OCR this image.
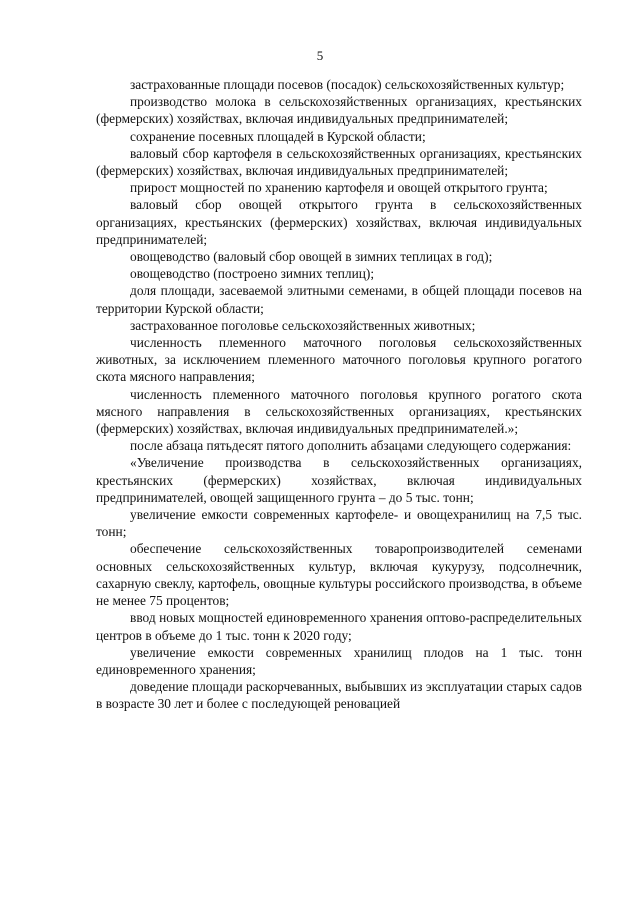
5

застрахованные площади посевов (посадок) сельскохозяйственных культур;

производство молока в сельскохозяйственных организациях, крестьянских (фермерских) хозяйствах, включая индивидуальных предпринимателей;

сохранение посевных площадей в Курской области;

валовый сбор картофеля в сельскохозяйственных организациях, крестьянских (фермерских) хозяйствах, включая индивидуальных предпринимателей;

прирост мощностей по хранению картофеля и овощей открытого грунта;

валовый сбор овощей открытого грунта в сельскохозяйственных организациях, крестьянских (фермерских) хозяйствах, включая индивидуальных предпринимателей;

овощеводство (валовый сбор овощей в зимних теплицах в год);

овощеводство (построено зимних теплиц);

доля площади, засеваемой элитными семенами, в общей площади посевов на территории Курской области;

застрахованное поголовье сельскохозяйственных животных;

численность племенного маточного поголовья сельскохозяйственных животных, за исключением племенного маточного поголовья крупного рогатого скота мясного направления;

численность племенного маточного поголовья крупного рогатого скота мясного направления в сельскохозяйственных организациях, крестьянских (фермерских) хозяйствах, включая индивидуальных предпринимателей.»;

после абзаца пятьдесят пятого дополнить абзацами следующего содержания:

«Увеличение производства в сельскохозяйственных организациях, крестьянских (фермерских) хозяйствах, включая индивидуальных предпринимателей, овощей защищенного грунта – до 5 тыс. тонн;

увеличение емкости современных картофеле- и овощехранилищ на 7,5 тыс. тонн;

обеспечение сельскохозяйственных товаропроизводителей семенами основных сельскохозяйственных культур, включая кукурузу, подсолнечник, сахарную свеклу, картофель, овощные культуры российского производства, в объеме не менее 75 процентов;

ввод новых мощностей единовременного хранения оптово-распределительных центров в объеме до 1 тыс. тонн к 2020 году;

увеличение емкости современных хранилищ плодов на 1 тыс. тонн единовременного хранения;

доведение площади раскорчеванных, выбывших из эксплуатации старых садов в возрасте 30 лет и более с последующей реновацией
